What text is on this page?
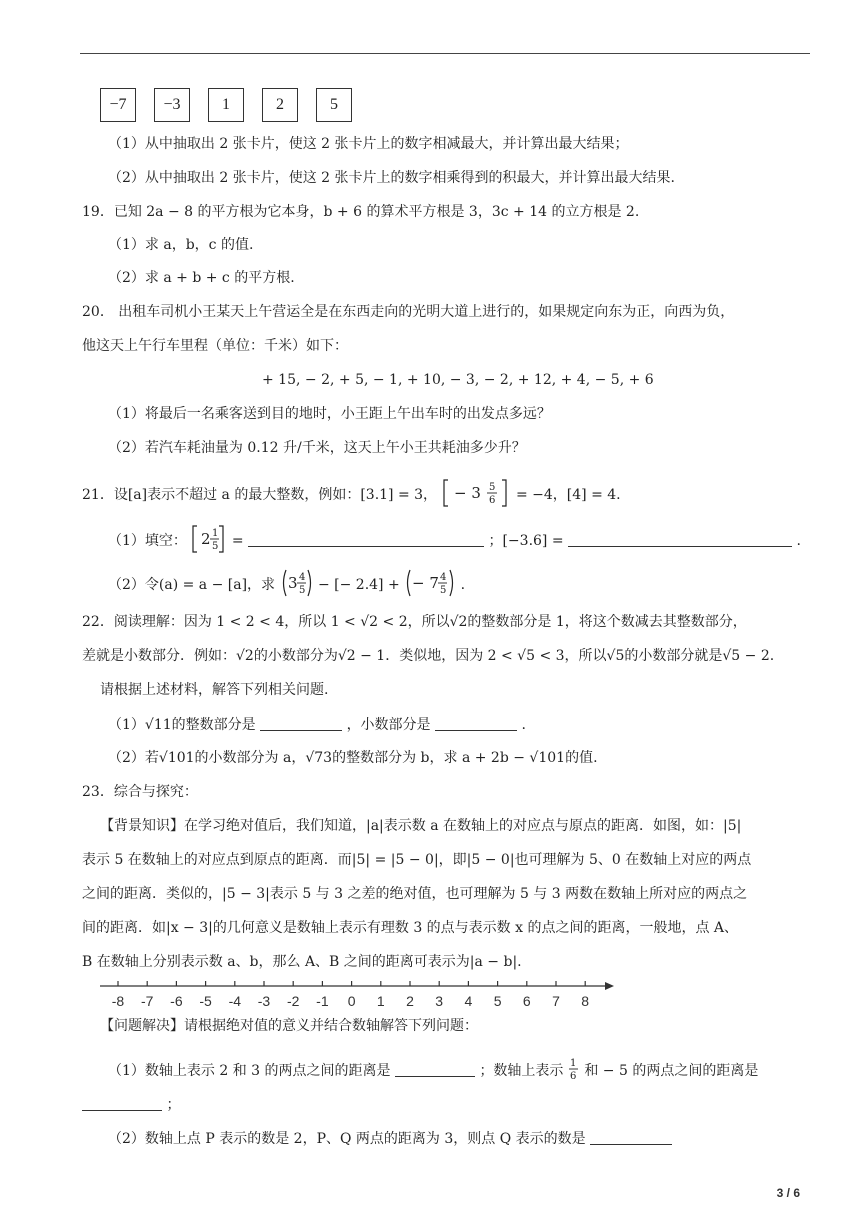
−7	−3	1	2	5
（1）从中抽取出 2 张卡片，使这 2 张卡片上的数字相减最大，并计算出最大结果；
（2）从中抽取出 2 张卡片，使这 2 张卡片上的数字相乘得到的积最大，并计算出最大结果.
19．已知 2a − 8 的平方根为它本身，b + 6 的算术平方根是 3，3c + 14 的立方根是 2.
（1）求 a，b，c 的值.
（2）求 a + b + c 的平方根.
20． 出租车司机小王某天上午营运全是在东西走向的光明大道上进行的，如果规定向东为正，向西为负，
他这天上午行车里程（单位：千米）如下：
+ 15, − 2, + 5, − 1, + 10, − 3, − 2, + 12, + 4, − 5, + 6
（1）将最后一名乘客送到目的地时，小王距上午出车时的出发点多远？
（2）若汽车耗油量为 0.12 升/千米，这天上午小王共耗油多少升？
21．设[a]表示不超过 a 的最大整数，例如：[3.1] = 3， − 3 5
6 = −4，[4] = 4.
（1）填空： 2 1
5 =	；[−3.6] =	.
（2）令(a) = a − [a]，求 3 4
5 − [− 2.4] + − 7 4
5 .
22．阅读理解：因为 1 < 2 < 4，所以 1 < √2 < 2，所以√2的整数部分是 1，将这个数减去其整数部分，
差就是小数部分．例如：√2的小数部分为√2 − 1．类似地，因为 2 < √5 < 3，所以√5的小数部分就是√5 − 2.
请根据上述材料，解答下列相关问题.
（1）√11的整数部分是	，小数部分是	.
（2）若√101的小数部分为 a，√73的整数部分为 b，求 a + 2b − √101的值.
23．综合与探究：
【背景知识】在学习绝对值后，我们知道，|a|表示数 a 在数轴上的对应点与原点的距离．如图，如：|5|
表示 5 在数轴上的对应点到原点的距离．而|5| = |5 − 0|，即|5 − 0|也可理解为 5、0 在数轴上对应的两点
之间的距离．类似的，|5 − 3|表示 5 与 3 之差的绝对值，也可理解为 5 与 3 两数在数轴上所对应的两点之
间的距离．如|x − 3|的几何意义是数轴上表示有理数 3 的点与表示数 x 的点之间的距离，一般地，点 A、
B 在数轴上分别表示数 a、b，那么 A、B 之间的距离可表示为|a − b|.
-8 -7 -6 -5 -4 -3 -2 -1 0 1 2 3 4 5 6 7 8
【问题解决】请根据绝对值的意义并结合数轴解答下列问题：
（1）数轴上表示 2 和 3 的两点之间的距离是	；数轴上表示 1
6 和 − 5 的两点之间的距离是
；
（2）数轴上点 P 表示的数是 2，P、Q 两点的距离为 3，则点 Q 表示的数是
3 / 6
